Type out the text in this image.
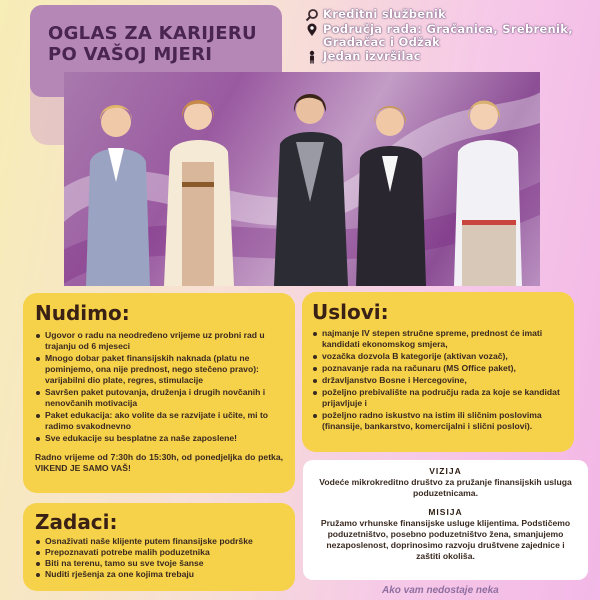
OGLAS ZA KARIJERU PO VAŠOJ MJERI
Kreditni službenik
Područja rada: Gračanica, Srebrenik, Gradačac i Odžak
Jedan izvršilac
Nudimo:
Ugovor o radu na neodređeno vrijeme uz probni rad u trajanju od 6 mjeseci
Mnogo dobar paket finansijskih naknada (platu ne pominjemo, ona nije prednost, nego stečeno pravo): varijabilni dio plate, regres, stimulacije
Savršen paket putovanja, druženja i drugih novčanih i nenovčanih motivacija
Paket edukacija: ako volite da se razvijate i učite, mi to radimo svakodnevno
Sve edukacije su besplatne za naše zaposlene!

Radno vrijeme od 7:30h do 15:30h, od ponedjeljka do petka, VIKEND JE SAMO VAŠ!

Uslovi:
najmanje IV stepen stručne spreme, prednost će imati kandidati ekonomskog smjera,
vozačka dozvola B kategorije (aktivan vozač),
poznavanje rada na računaru (MS Office paket),
državljanstvo Bosne i Hercegovine,
poželjno prebivalište na području rada za koje se kandidat prijavljuje i
poželjno radno iskustvo na istim ili sličnim poslovima (finansije, bankarstvo, komercijalni i slični poslovi).
Zadaci:
Osnaživati naše klijente putem finansijske podrške
Prepoznavati potrebe malih poduzetnika
Biti na terenu, tamo su sve tvoje šanse
Nuditi rješenja za one kojima trebaju
VIZIJA

Vodeće mikrokreditno društvo za pružanje finansijskih usluga poduzetnicama.

MISIJA

Pružamo vrhunske finansijske usluge klijentima. Podstičemo poduzetništvo, posebno poduzetništvo žena, smanjujemo nezaposlenost, doprinosimo razvoju društvene zajednice i zaštiti okoliša.

Ako vam nedostaje neka
